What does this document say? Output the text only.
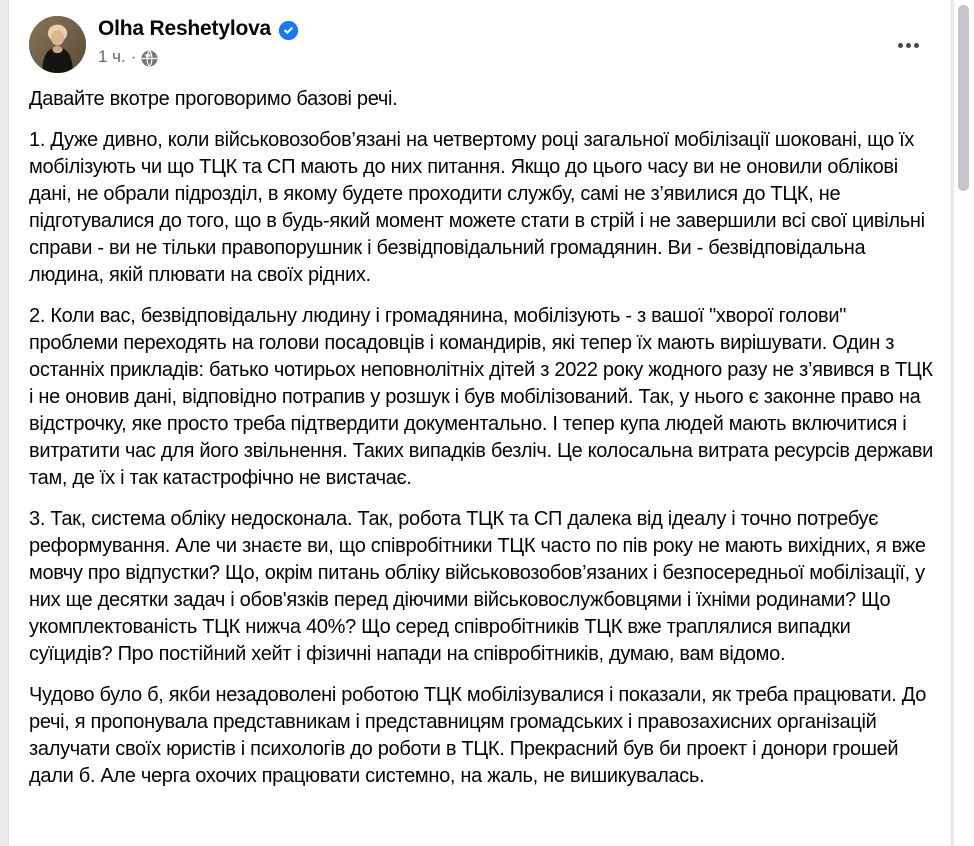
Olha Reshetylova
1 ч. ·

Давайте вкотре проговоримо базові речі.

1. Дуже дивно, коли військовозобов’язані на четвертому році загальної мобілізації шоковані, що їх мобілізують чи що ТЦК та СП мають до них питання. Якщо до цього часу ви не оновили облікові дані, не обрали підрозділ, в якому будете проходити службу, самі не з’явилися до ТЦК, не підготувалися до того, що в будь-який момент можете стати в стрій і не завершили всі свої цивільні справи - ви не тільки правопорушник і безвідповідальний громадянин. Ви - безвідповідальна людина, якій плювати на своїх рідних.

2. Коли вас, безвідповідальну людину і громадянина, мобілізують - з вашої "хворої голови" проблеми переходять на голови посадовців і командирів, які тепер їх мають вирішувати. Один з останніх прикладів: батько чотирьох неповнолітніх дітей з 2022 року жодного разу не з’явився в ТЦК і не оновив дані, відповідно потрапив у розшук і був мобілізований. Так, у нього є законне право на відстрочку, яке просто треба підтвердити документально. І тепер купа людей мають включитися і витратити час для його звільнення. Таких випадків безліч. Це колосальна витрата ресурсів держави там, де їх і так катастрофічно не вистачає.

3. Так, система обліку недосконала. Так, робота ТЦК та СП далека від ідеалу і точно потребує реформування. Але чи знаєте ви, що співробітники ТЦК часто по пів року не мають вихідних, я вже мовчу про відпустки? Що, окрім питань обліку військовозобов’язаних і безпосередньої мобілізації, у них ще десятки задач і обов'язків перед діючими військовослужбовцями і їхніми родинами? Що укомплектованість ТЦК нижча 40%? Що серед співробітників ТЦК вже траплялися випадки суїцидів? Про постійний хейт і фізичні напади на співробітників, думаю, вам відомо.

Чудово було б, якби незадоволені роботою ТЦК мобілізувалися і показали, як треба працювати. До речі, я пропонувала представникам і представницям громадських і правозахисних організацій залучати своїх юристів і психологів до роботи в ТЦК. Прекрасний був би проект і донори грошей дали б. Але черга охочих працювати системно, на жаль, не вишикувалась.
